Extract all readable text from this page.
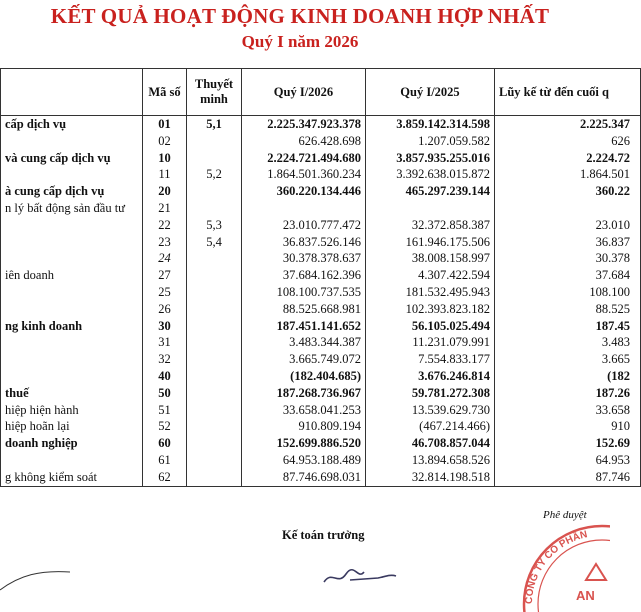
KẾT QUẢ HOẠT ĐỘNG KINH DOANH HỢP NHẤT
Quý I năm 2026
	Mã số	Thuyết minh	Quý I/2026	Quý I/2025	Lũy kế từ đến cuối q
cấp dịch vụ	01	5,1	2.225.347.923.378	3.859.142.314.598	2.225.347
	02		626.428.698	1.207.059.582	626
và cung cấp dịch vụ	10		2.224.721.494.680	3.857.935.255.016	2.224.72
	11	5,2	1.864.501.360.234	3.392.638.015.872	1.864.501
à cung cấp dịch vụ	20		360.220.134.446	465.297.239.144	360.22
n lý bất động sản đầu tư	21				
	22	5,3	23.010.777.472	32.372.858.387	23.010
	23	5,4	36.837.526.146	161.946.175.506	36.837
	24		30.378.378.637	38.008.158.997	30.378
iên doanh	27		37.684.162.396	4.307.422.594	37.684
	25		108.100.737.535	181.532.495.943	108.100
	26		88.525.668.981	102.393.823.182	88.525
ng kinh doanh	30		187.451.141.652	56.105.025.494	187.45
	31		3.483.344.387	11.231.079.991	3.483
	32		3.665.749.072	7.554.833.177	3.665
	40		(182.404.685)	3.676.246.814	(182
thuế	50		187.268.736.967	59.781.272.308	187.26
hiệp hiện hành	51		33.658.041.253	13.539.629.730	33.658
hiệp hoãn lại	52		910.809.194	(467.214.466)	910
doanh nghiệp	60		152.699.886.520	46.708.857.044	152.69
	61		64.953.188.489	13.894.658.526	64.953
g không kiểm soát	62		87.746.698.031	32.814.198.518	87.746
Kế toán trưởng
Phê duyệt
CÔNG TY CỔ PHẦN
AN
